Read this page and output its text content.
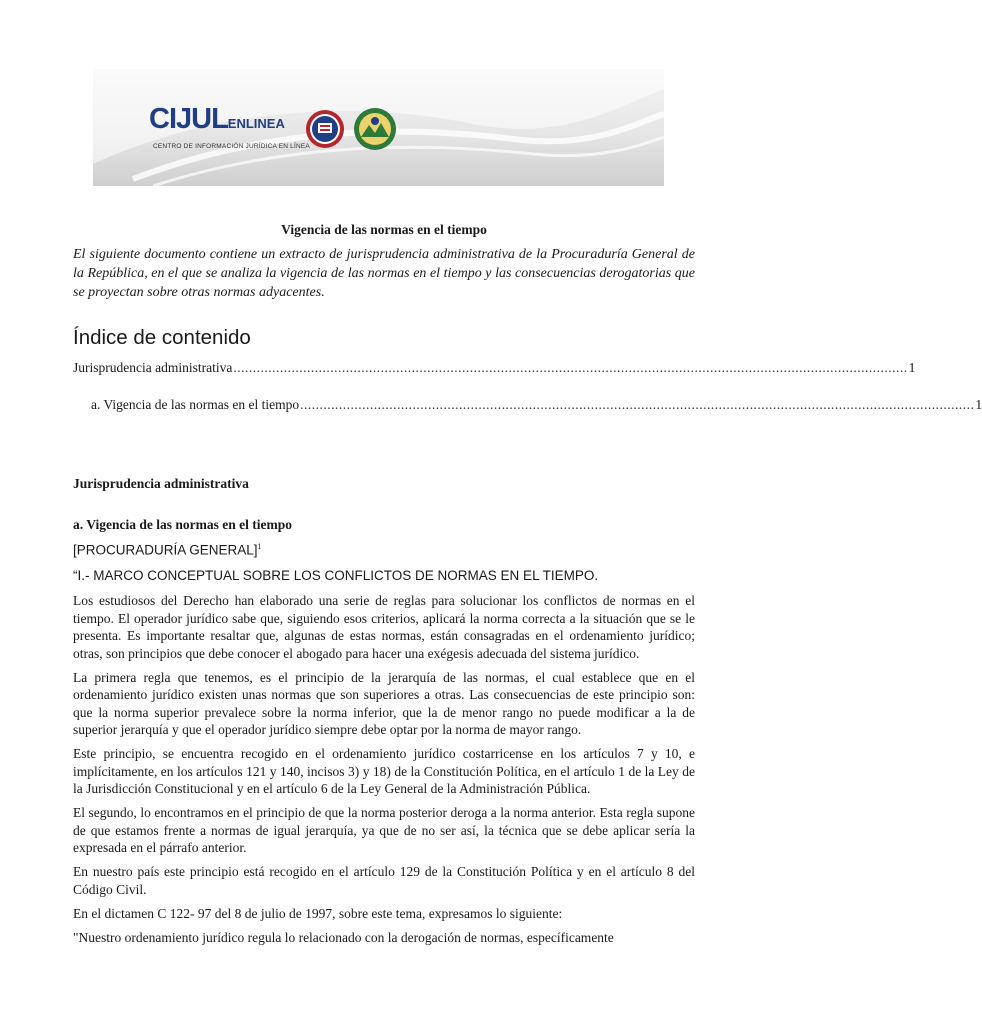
CIJULENLINEA
CENTRO DE INFORMACIÓN JURÍDICA EN LÍNEA
Vigencia de las normas en el tiempo
El siguiente documento contiene un extracto de jurisprudencia administrativa de la Procuraduría General de la República, en el que se analiza la vigencia de las normas en el tiempo y las consecuencias derogatorias que se proyectan sobre otras normas adyacentes.
Índice de contenido
Jurisprudencia administrativa .............................................................................................................................................................................. 1
a. Vigencia de las normas en el tiempo .............................................................................................................................................................................. 1
Jurisprudencia administrativa
a. Vigencia de las normas en el tiempo
[PROCURADURÍA GENERAL]$^1$
“I.- MARCO CONCEPTUAL SOBRE LOS CONFLICTOS DE NORMAS EN EL TIEMPO.

Los estudiosos del Derecho han elaborado una serie de reglas para solucionar los conflictos de normas en el tiempo. El operador jurídico sabe que, siguiendo esos criterios, aplicará la norma correcta a la situación que se le presenta. Es importante resaltar que, algunas de estas normas, están consagradas en el ordenamiento jurídico; otras, son principios que debe conocer el abogado para hacer una exégesis adecuada del sistema jurídico.

La primera regla que tenemos, es el principio de la jerarquía de las normas, el cual establece que en el ordenamiento jurídico existen unas normas que son superiores a otras. Las consecuencias de este principio son: que la norma superior prevalece sobre la norma inferior, que la de menor rango no puede modificar a la de superior jerarquía y que el operador jurídico siempre debe optar por la norma de mayor rango.

Este principio, se encuentra recogido en el ordenamiento jurídico costarricense en los artículos 7 y 10, e implícitamente, en los artículos 121 y 140, incisos 3) y 18) de la Constitución Política, en el artículo 1 de la Ley de la Jurisdicción Constitucional y en el artículo 6 de la Ley General de la Administración Pública.

El segundo, lo encontramos en el principio de que la norma posterior deroga a la norma anterior. Esta regla supone de que estamos frente a normas de igual jerarquía, ya que de no ser así, la técnica que se debe aplicar sería la expresada en el párrafo anterior.

En nuestro país este principio está recogido en el artículo 129 de la Constitución Política y en el artículo 8 del Código Civil.

En el dictamen C 122- 97 del 8 de julio de 1997, sobre este tema, expresamos lo siguiente:

"Nuestro ordenamiento jurídico regula lo relacionado con la derogación de normas, específicamente
